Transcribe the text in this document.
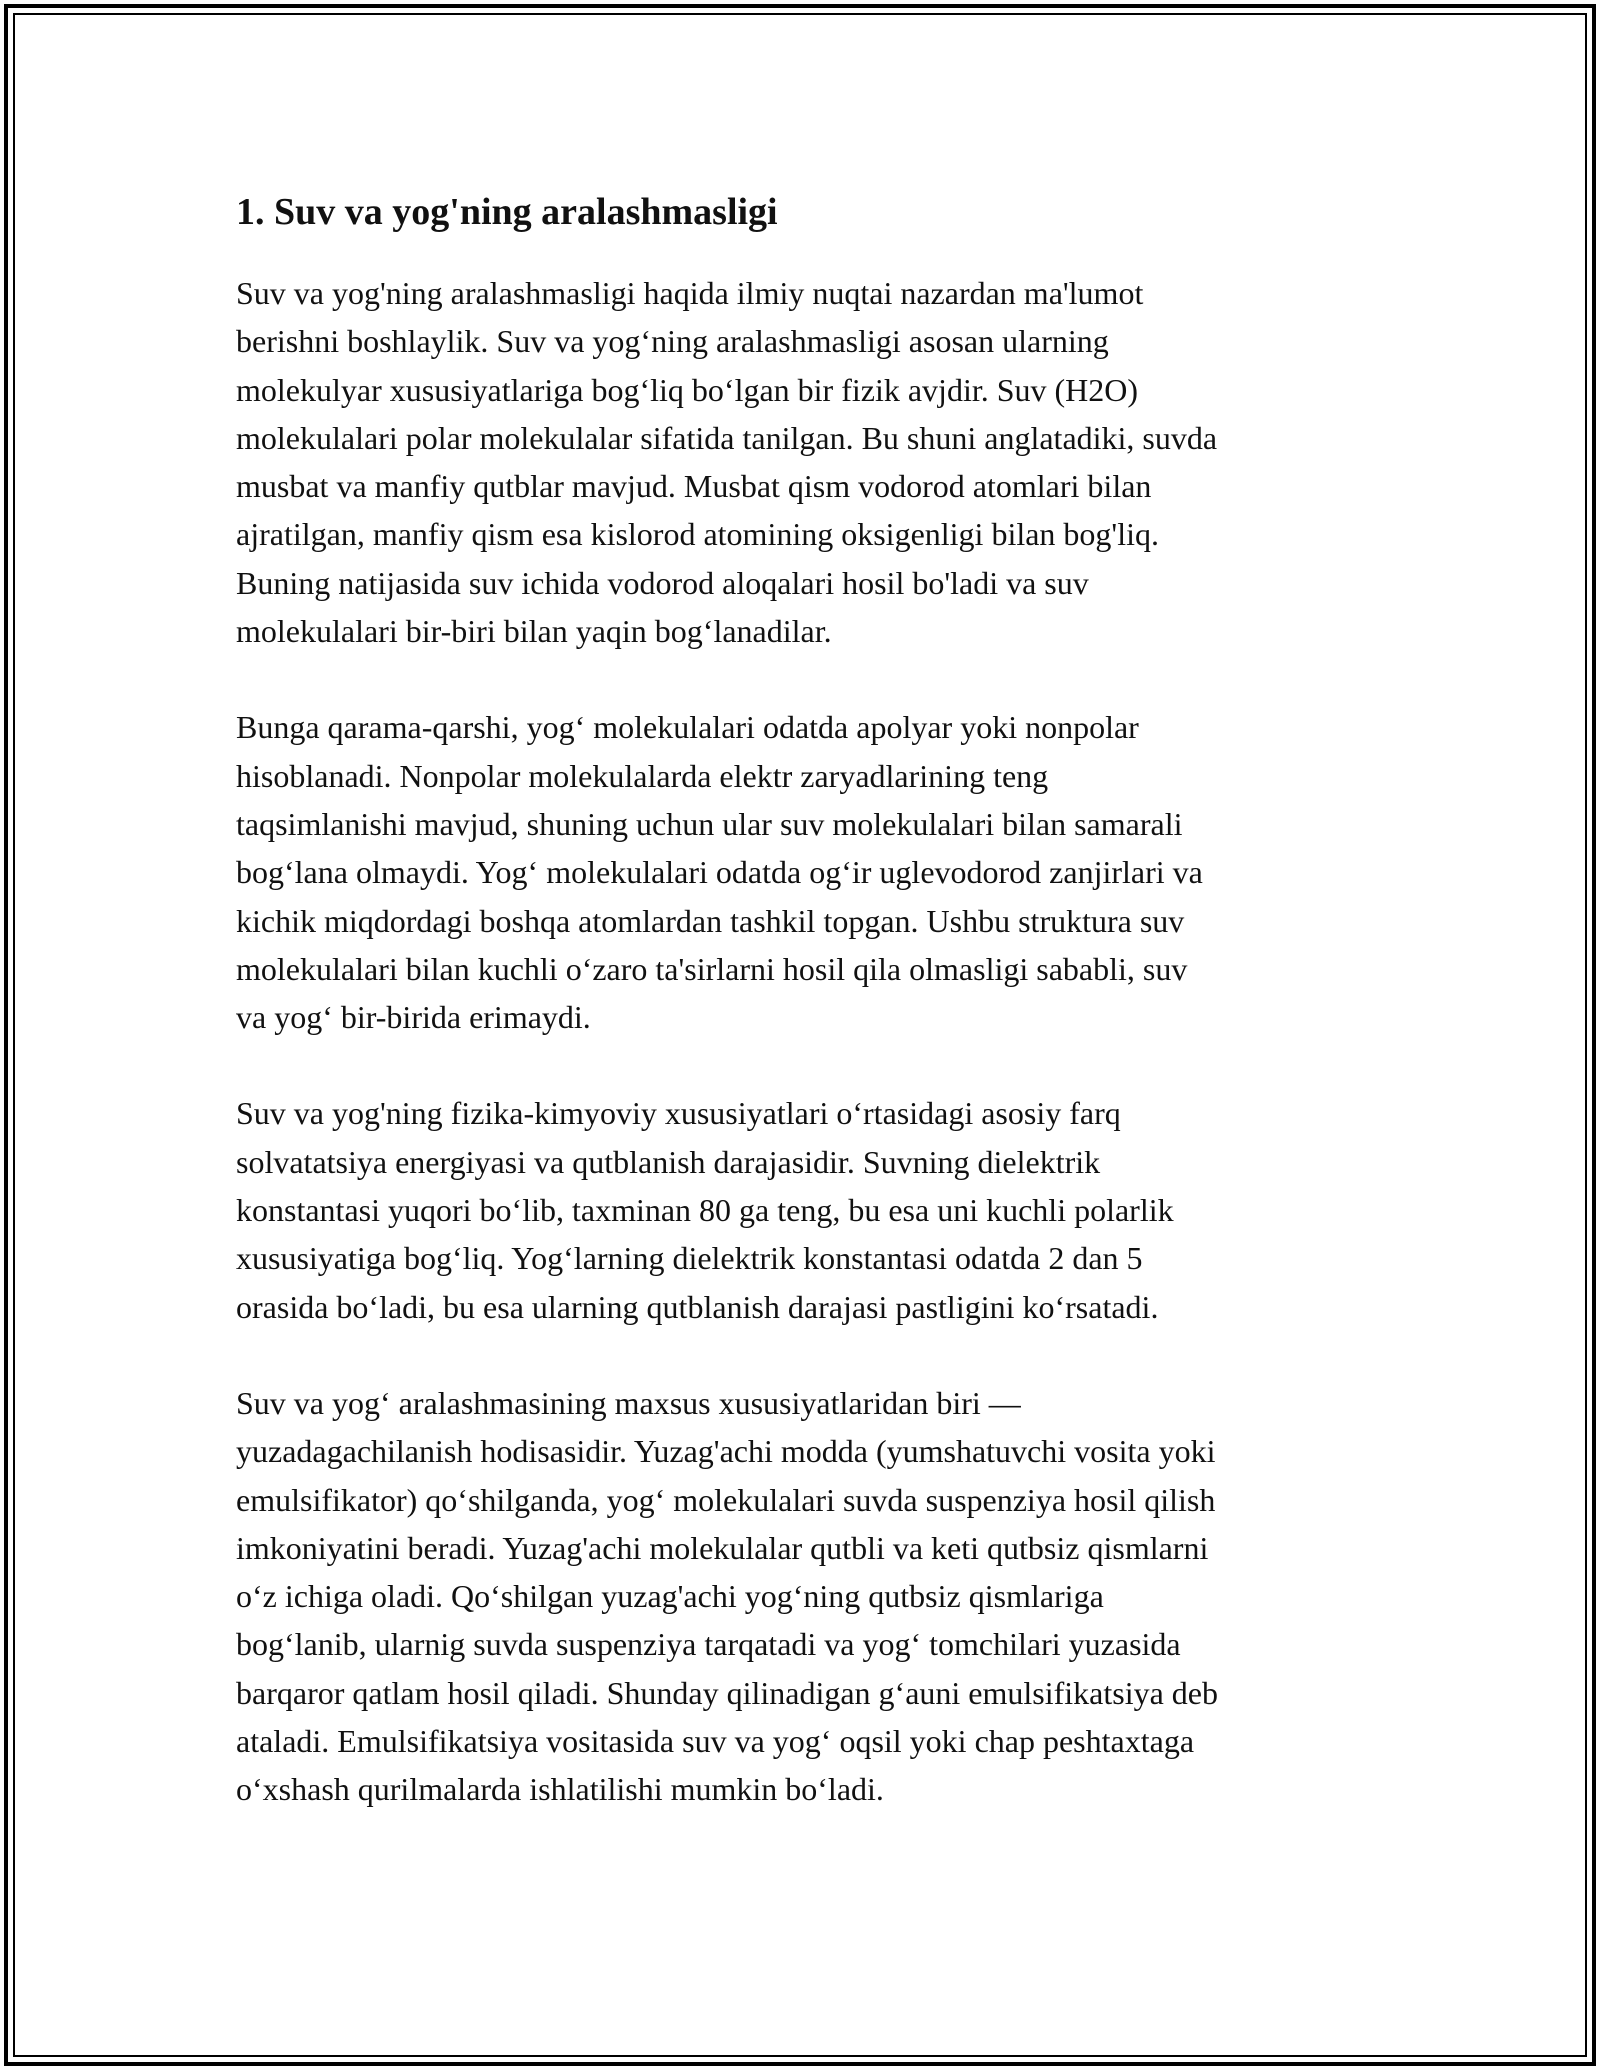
1. Suv va yog'ning aralashmasligi

Suv va yog'ning aralashmasligi haqida ilmiy nuqtai nazardan ma'lumot
berishni boshlaylik. Suv va yog‘ning aralashmasligi asosan ularning
molekulyar xususiyatlariga bog‘liq bo‘lgan bir fizik avjdir. Suv (H2O)
molekulalari polar molekulalar sifatida tanilgan. Bu shuni anglatadiki, suvda
musbat va manfiy qutblar mavjud. Musbat qism vodorod atomlari bilan
ajratilgan, manfiy qism esa kislorod atomining oksigenligi bilan bog'liq.
Buning natijasida suv ichida vodorod aloqalari hosil bo'ladi va suv
molekulalari bir-biri bilan yaqin bog‘lanadilar.

Bunga qarama-qarshi, yog‘ molekulalari odatda apolyar yoki nonpolar
hisoblanadi. Nonpolar molekulalarda elektr zaryadlarining teng
taqsimlanishi mavjud, shuning uchun ular suv molekulalari bilan samarali
bog‘lana olmaydi. Yog‘ molekulalari odatda og‘ir uglevodorod zanjirlari va
kichik miqdordagi boshqa atomlardan tashkil topgan. Ushbu struktura suv
molekulalari bilan kuchli o‘zaro ta'sirlarni hosil qila olmasligi sababli, suv
va yog‘ bir-birida erimaydi.

Suv va yog'ning fizika-kimyoviy xususiyatlari o‘rtasidagi asosiy farq
solvatatsiya energiyasi va qutblanish darajasidir. Suvning dielektrik
konstantasi yuqori bo‘lib, taxminan 80 ga teng, bu esa uni kuchli polarlik
xususiyatiga bog‘liq. Yog‘larning dielektrik konstantasi odatda 2 dan 5
orasida bo‘ladi, bu esa ularning qutblanish darajasi pastligini ko‘rsatadi.

Suv va yog‘ aralashmasining maxsus xususiyatlaridan biri —
yuzadagachilanish hodisasidir. Yuzag'achi modda (yumshatuvchi vosita yoki
emulsifikator) qo‘shilganda, yog‘ molekulalari suvda suspenziya hosil qilish
imkoniyatini beradi. Yuzag'achi molekulalar qutbli va keti qutbsiz qismlarni
o‘z ichiga oladi. Qo‘shilgan yuzag'achi yog‘ning qutbsiz qismlariga
bog‘lanib, ularnig suvda suspenziya tarqatadi va yog‘ tomchilari yuzasida
barqaror qatlam hosil qiladi. Shunday qilinadigan g‘auni emulsifikatsiya deb
ataladi. Emulsifikatsiya vositasida suv va yog‘ oqsil yoki chap peshtaxtaga
o‘xshash qurilmalarda ishlatilishi mumkin bo‘ladi.
